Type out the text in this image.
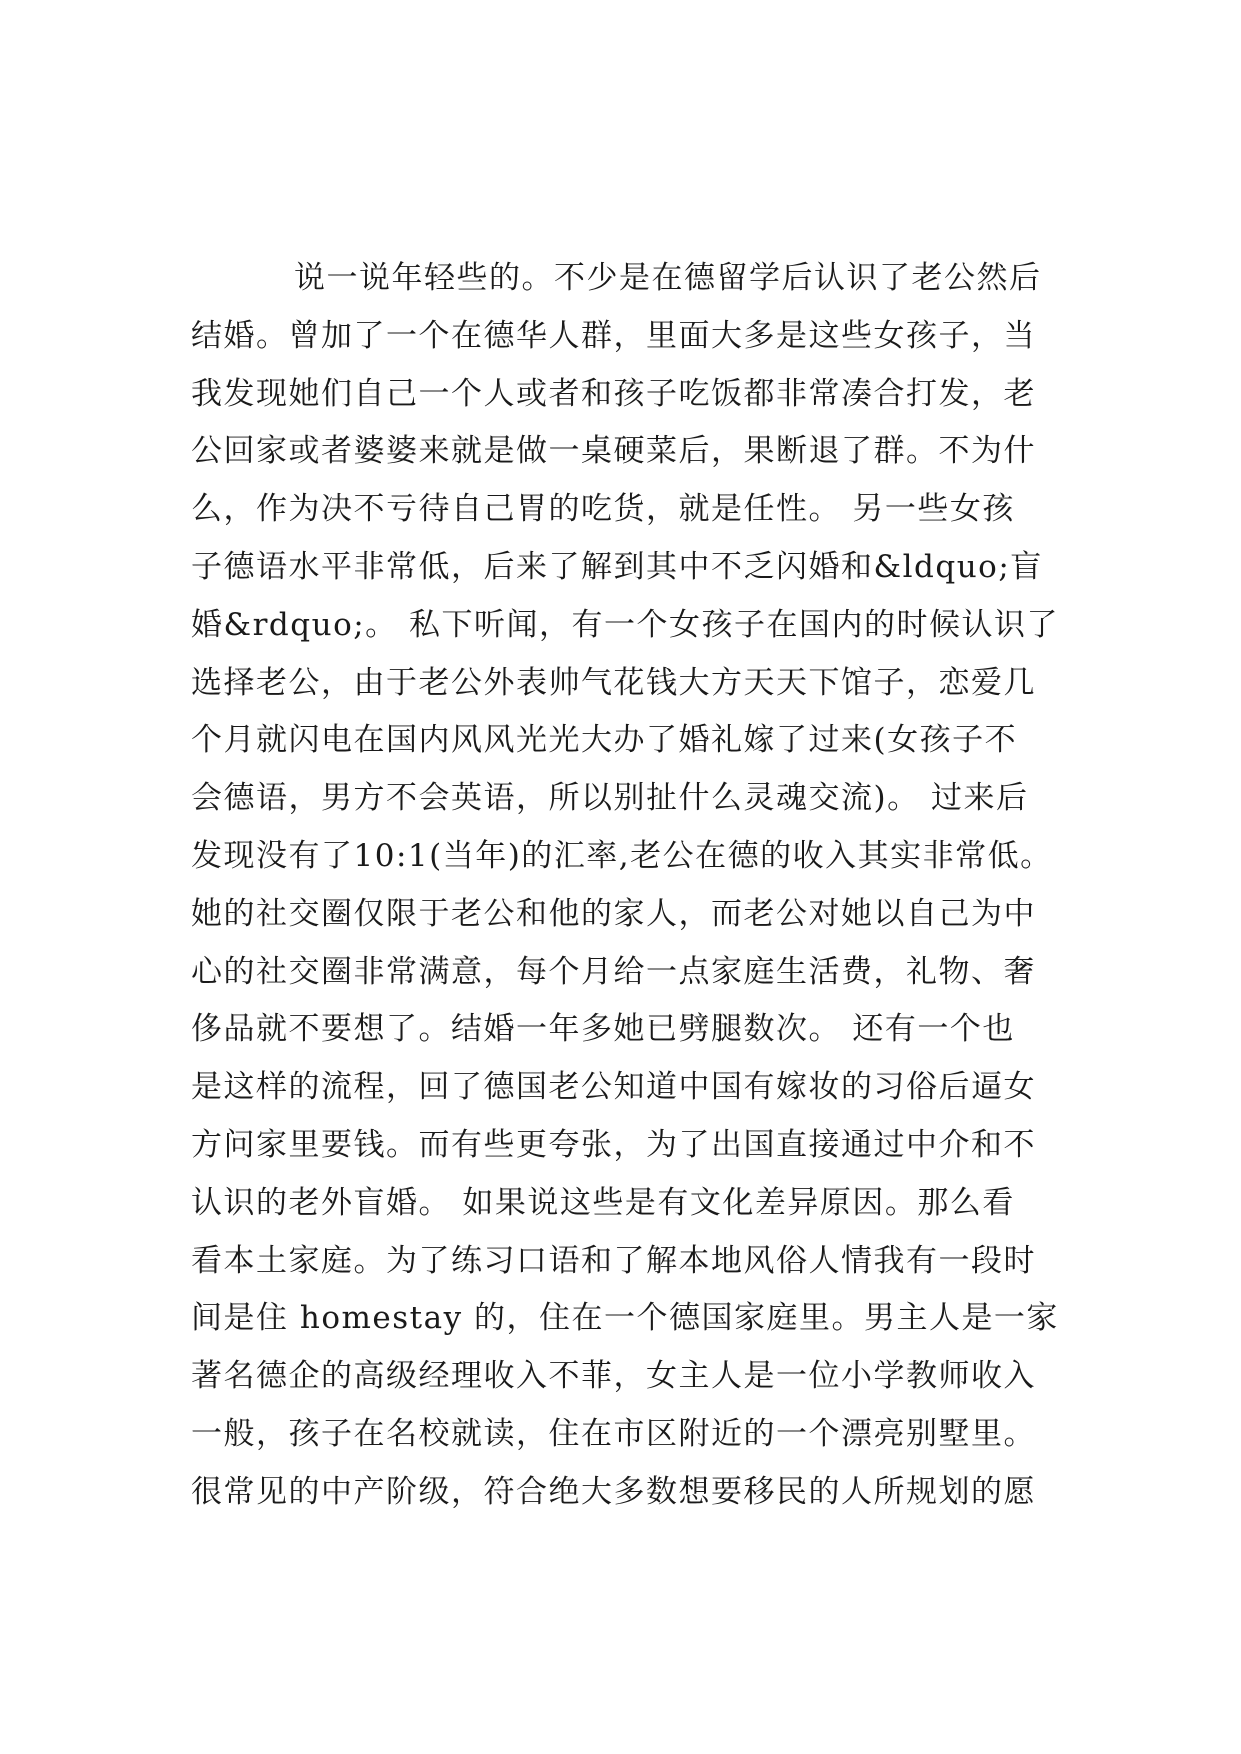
说一说年轻些的。不少是在德留学后认识了老公然后
结婚。曾加了一个在德华人群，里面大多是这些女孩子，当
我发现她们自己一个人或者和孩子吃饭都非常凑合打发，老
公回家或者婆婆来就是做一桌硬菜后，果断退了群。不为什
么，作为决不亏待自己胃的吃货，就是任性。 另一些女孩
子德语水平非常低，后来了解到其中不乏闪婚和&ldquo;盲
婚&rdquo;。 私下听闻，有一个女孩子在国内的时候认识了
选择老公，由于老公外表帅气花钱大方天天下馆子，恋爱几
个月就闪电在国内风风光光大办了婚礼嫁了过来(女孩子不
会德语，男方不会英语，所以别扯什么灵魂交流)。 过来后
发现没有了10:1(当年)的汇率,老公在德的收入其实非常低。
她的社交圈仅限于老公和他的家人，而老公对她以自己为中
心的社交圈非常满意，每个月给一点家庭生活费，礼物、奢
侈品就不要想了。结婚一年多她已劈腿数次。 还有一个也
是这样的流程，回了德国老公知道中国有嫁妆的习俗后逼女
方问家里要钱。而有些更夸张，为了出国直接通过中介和不
认识的老外盲婚。 如果说这些是有文化差异原因。那么看
看本土家庭。为了练习口语和了解本地风俗人情我有一段时
间是住 homestay 的，住在一个德国家庭里。男主人是一家
著名德企的高级经理收入不菲，女主人是一位小学教师收入
一般，孩子在名校就读，住在市区附近的一个漂亮别墅里。
很常见的中产阶级，符合绝大多数想要移民的人所规划的愿
